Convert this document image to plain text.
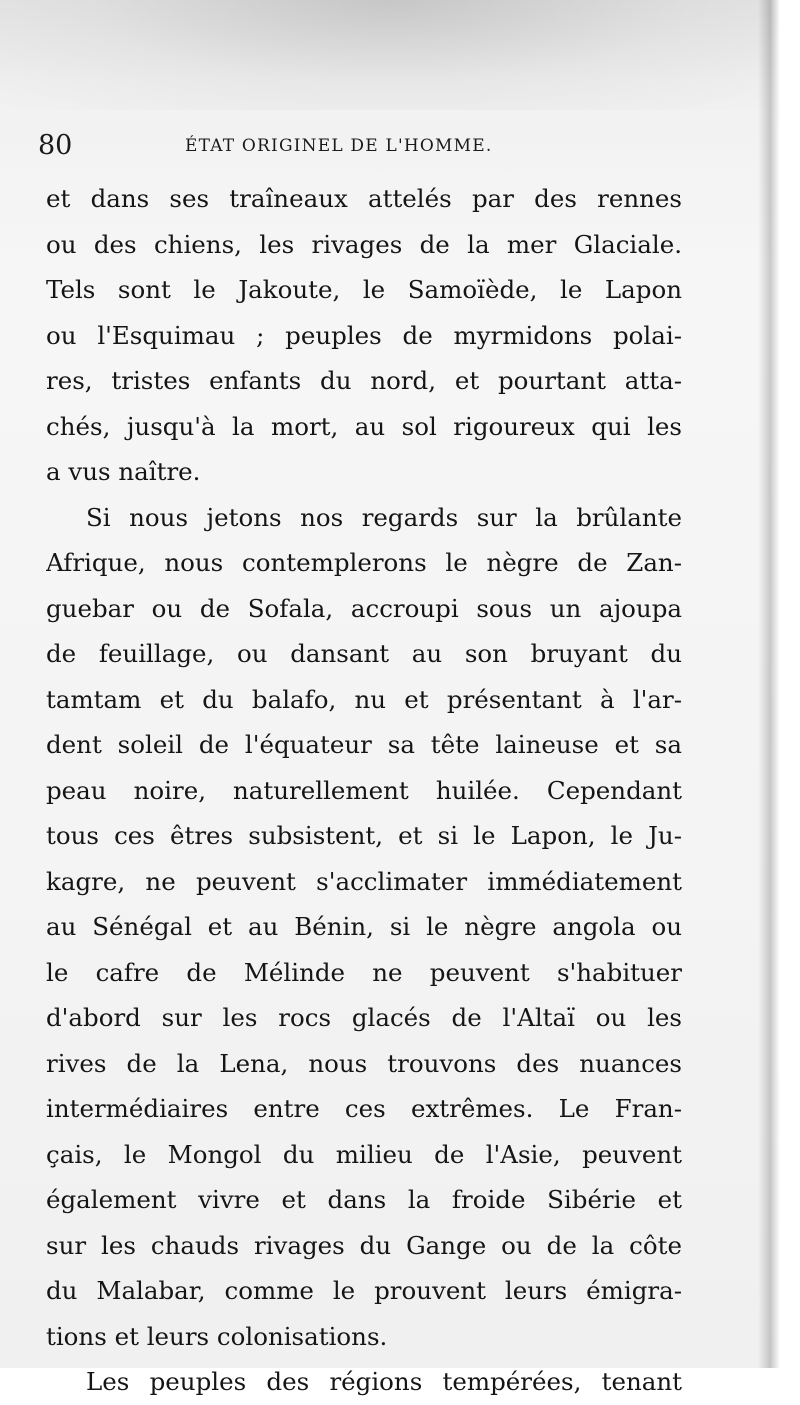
80	ÉTAT ORIGINEL DE L'HOMME.
et dans ses traîneaux attelés par des rennes
ou des chiens, les rivages de la mer Glaciale.
Tels sont le Jakoute, le Samoïède, le Lapon
ou l'Esquimau ; peuples de myrmidons polai-
res, tristes enfants du nord, et pourtant atta-
chés, jusqu'à la mort, au sol rigoureux qui les
a vus naître.
Si nous jetons nos regards sur la brûlante
Afrique, nous contemplerons le nègre de Zan-
guebar ou de Sofala, accroupi sous un ajoupa
de feuillage, ou dansant au son bruyant du
tamtam et du balafo, nu et présentant à l'ar-
dent soleil de l'équateur sa tête laineuse et sa
peau noire, naturellement huilée. Cependant
tous ces êtres subsistent, et si le Lapon, le Ju-
kagre, ne peuvent s'acclimater immédiatement
au Sénégal et au Bénin, si le nègre angola ou
le cafre de Mélinde ne peuvent s'habituer
d'abord sur les rocs glacés de l'Altaï ou les
rives de la Lena, nous trouvons des nuances
intermédiaires entre ces extrêmes. Le Fran-
çais, le Mongol du milieu de l'Asie, peuvent
également vivre et dans la froide Sibérie et
sur les chauds rivages du Gange ou de la côte
du Malabar, comme le prouvent leurs émigra-
tions et leurs colonisations.
Les peuples des régions tempérées, tenant
